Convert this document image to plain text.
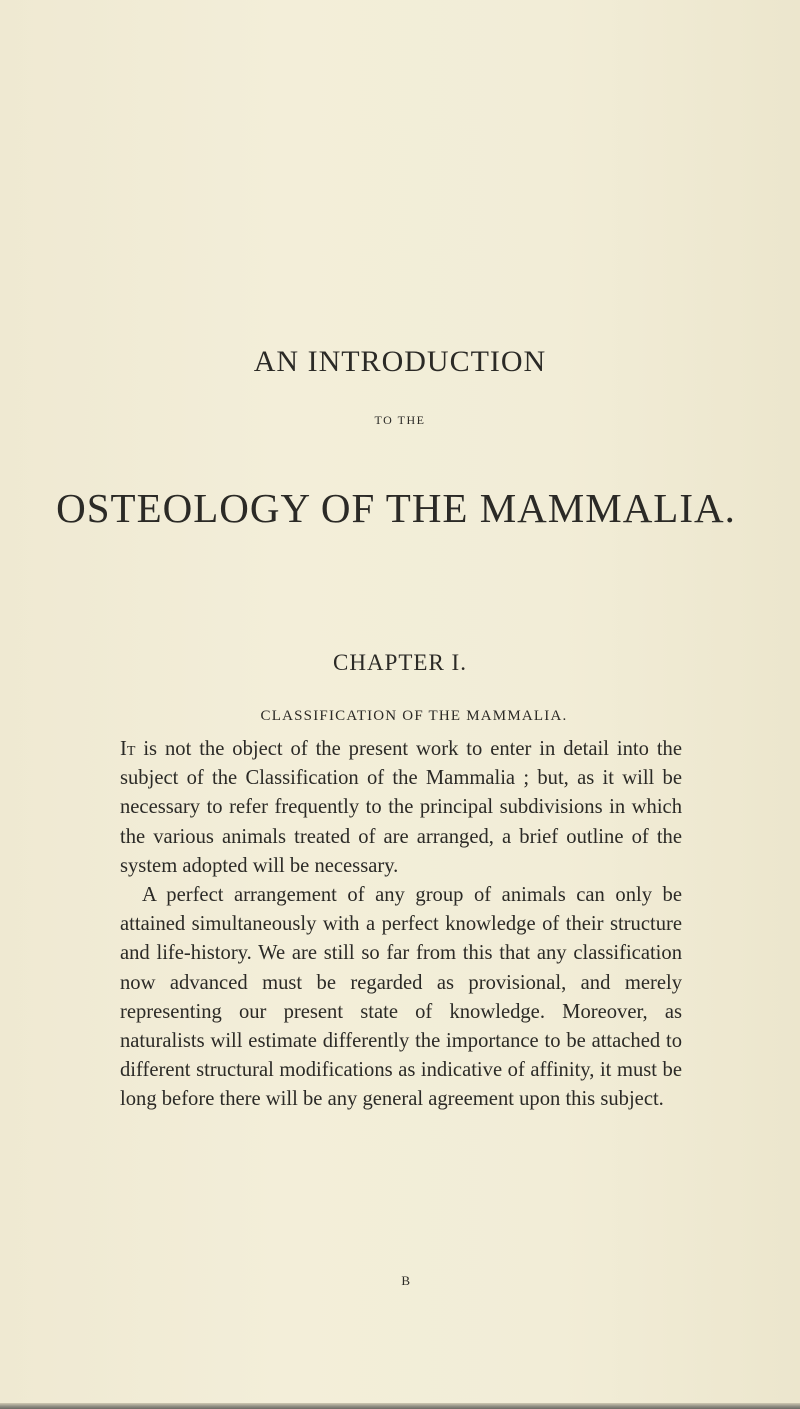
AN INTRODUCTION
TO THE
OSTEOLOGY OF THE MAMMALIA.
CHAPTER I.
CLASSIFICATION OF THE MAMMALIA.

It is not the object of the present work to enter in detail into the subject of the Classification of the Mammalia ; but, as it will be necessary to refer frequently to the principal subdivisions in which the various animals treated of are arranged, a brief outline of the system adopted will be necessary.

A perfect arrangement of any group of animals can only be attained simultaneously with a perfect knowledge of their structure and life-history. We are still so far from this that any classification now advanced must be regarded as provisional, and merely representing our present state of knowledge. Moreover, as naturalists will estimate differently the importance to be attached to different structural modifications as indicative of affinity, it must be long before there will be any general agreement upon this subject.

B
